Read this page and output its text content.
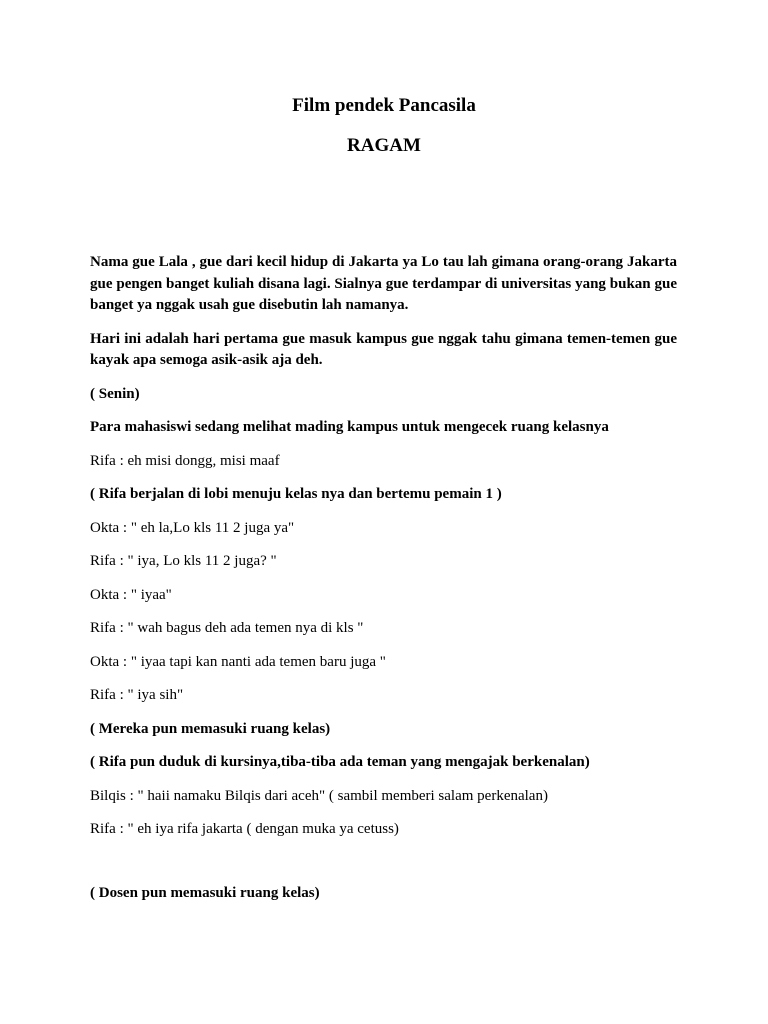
Film pendek Pancasila
RAGAM

Nama gue Lala , gue dari kecil hidup di Jakarta ya Lo tau lah gimana orang-orang Jakarta gue pengen banget kuliah disana lagi. Sialnya gue terdampar di universitas yang bukan gue banget ya nggak usah gue disebutin lah namanya.

Hari ini adalah hari pertama gue masuk kampus gue nggak tahu gimana temen-temen gue kayak apa semoga asik-asik aja deh.

( Senin)

Para mahasiswi sedang melihat mading kampus untuk mengecek ruang kelasnya

Rifa : eh misi dongg, misi maaf

( Rifa berjalan di lobi menuju kelas nya dan bertemu pemain 1 )

Okta : " eh la,Lo kls 11 2 juga ya"

Rifa : " iya, Lo kls 11 2 juga? "

Okta : " iyaa"

Rifa : " wah bagus deh ada temen nya di kls "

Okta : " iyaa tapi kan nanti ada temen baru juga "

Rifa : " iya sih"

( Mereka pun memasuki ruang kelas)

( Rifa pun duduk di kursinya,tiba-tiba ada teman yang mengajak berkenalan)

Bilqis : " haii namaku Bilqis dari aceh" ( sambil memberi salam perkenalan)

Rifa : " eh iya rifa jakarta ( dengan muka ya cetuss)

( Dosen pun memasuki ruang kelas)
